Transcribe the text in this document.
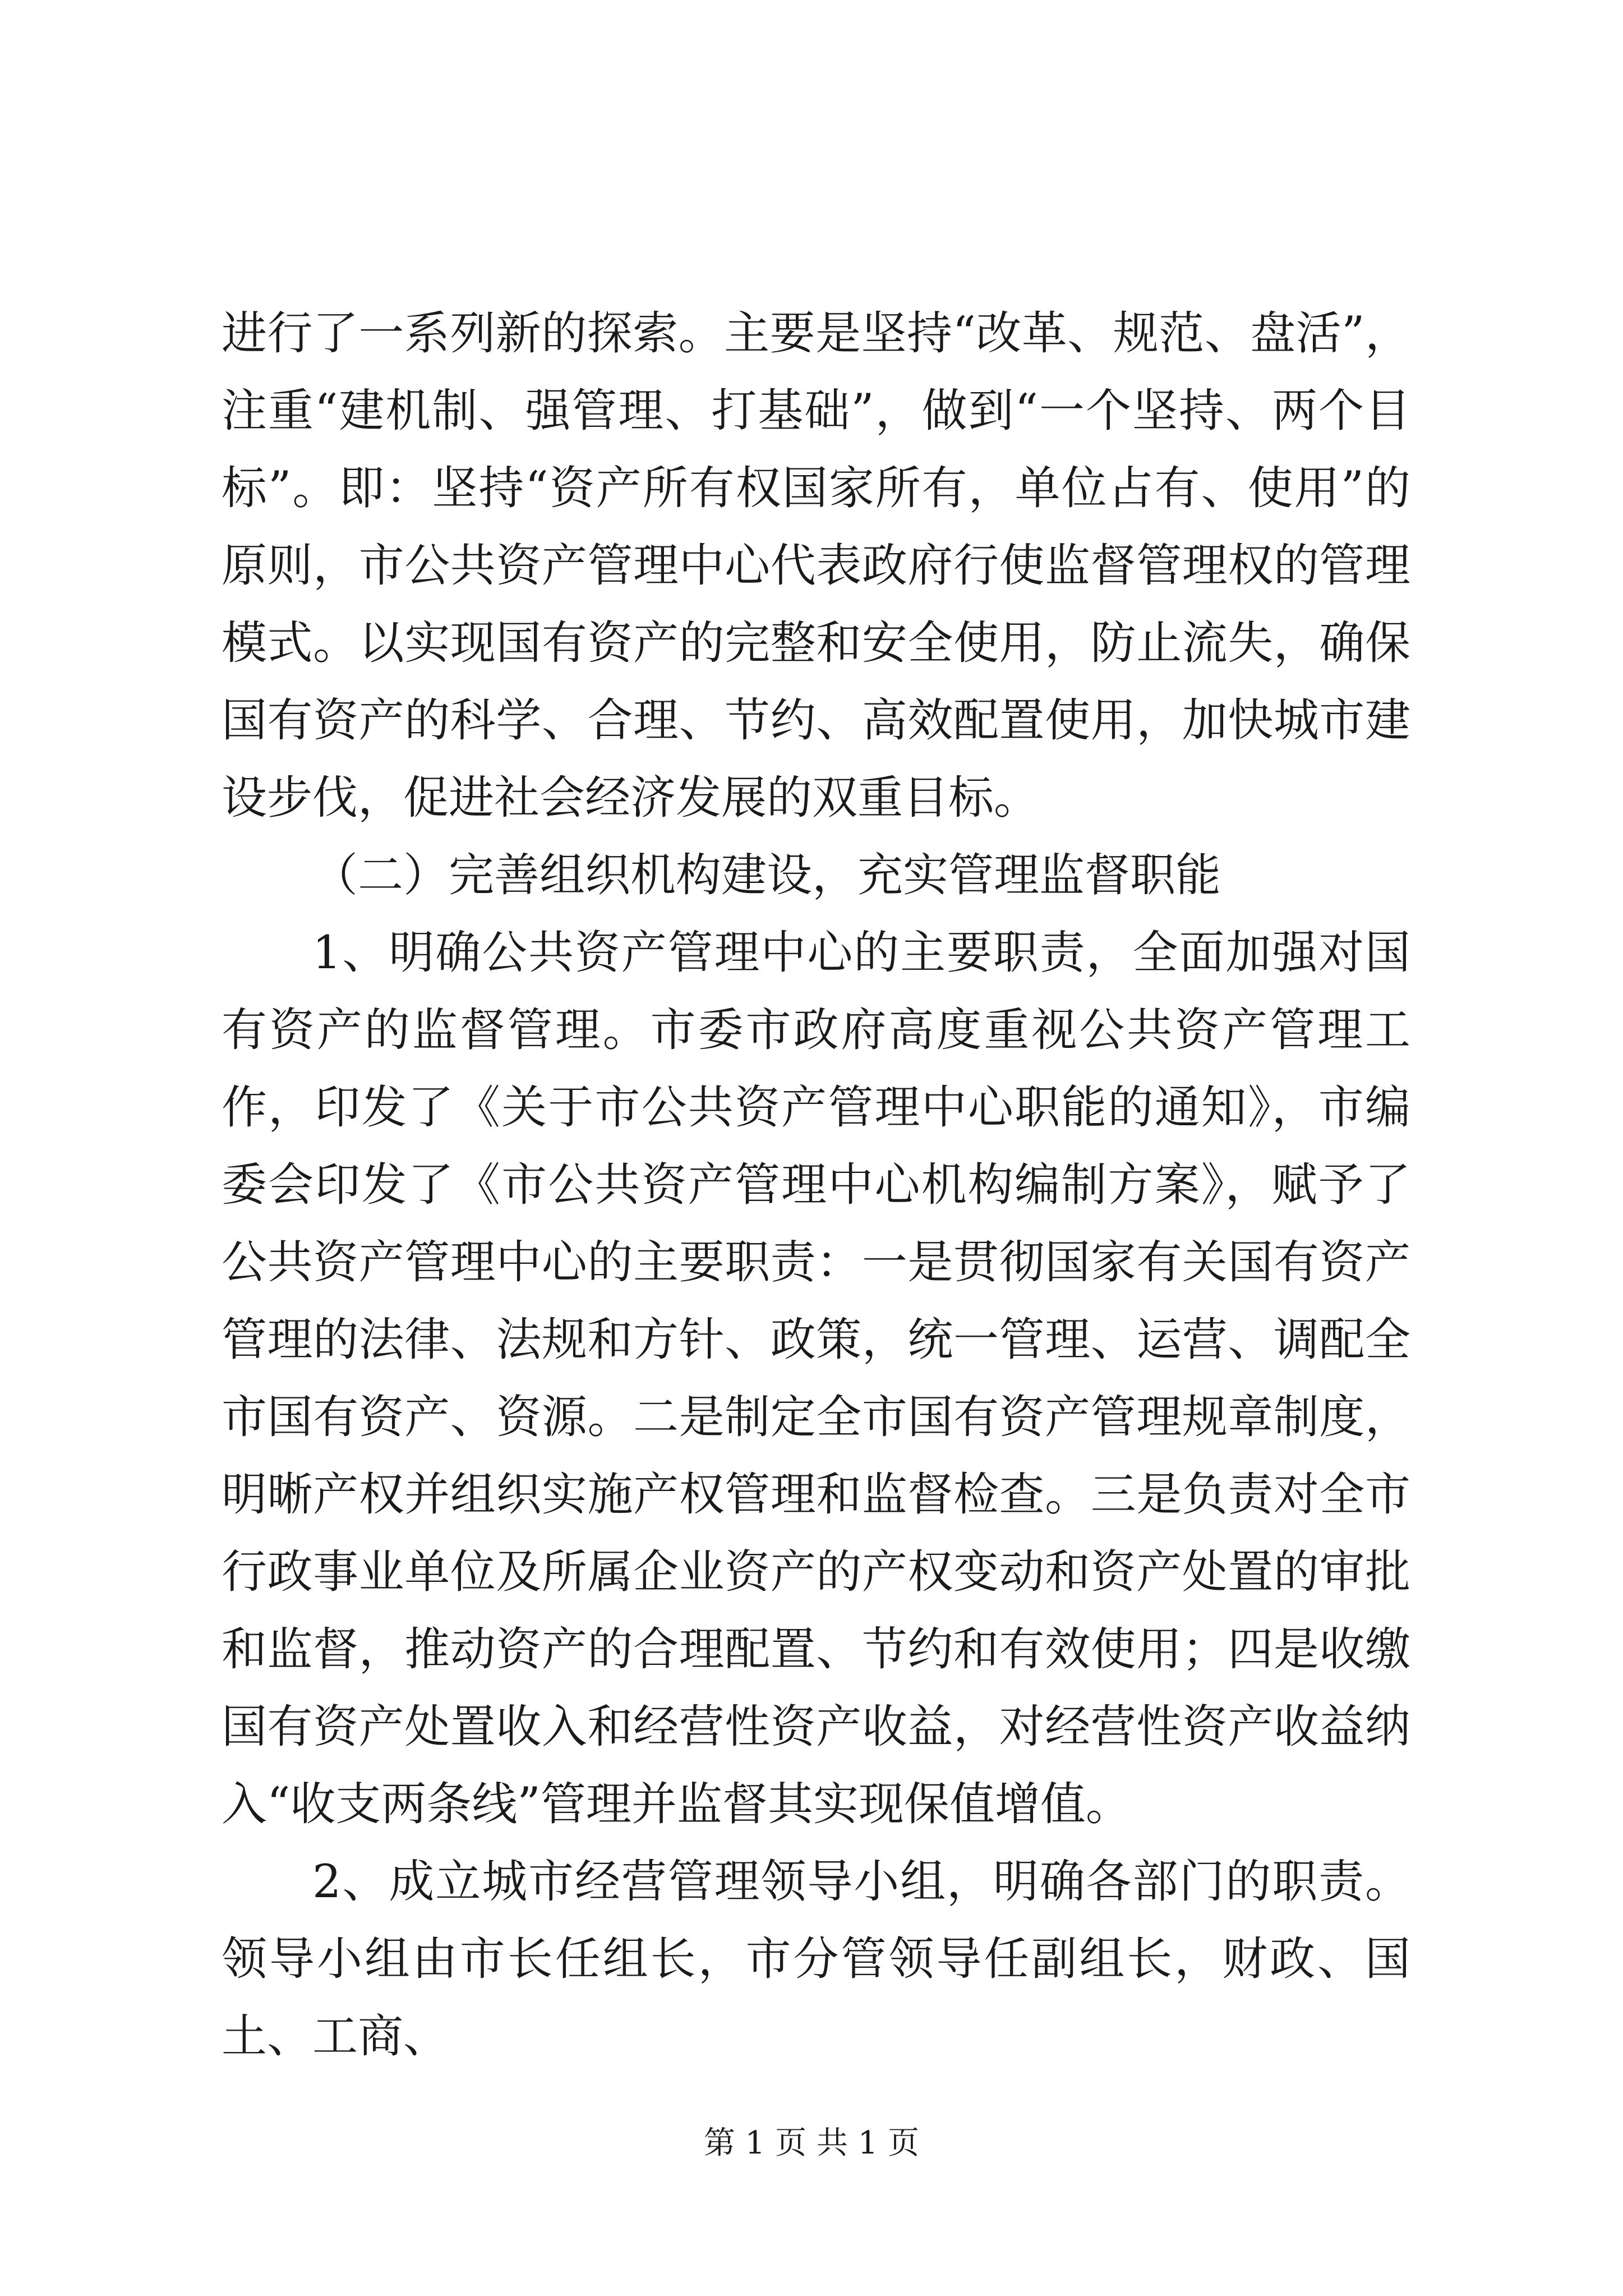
进行了一系列新的探索。主要是坚持“改革、规范、盘活”，注重“建机制、强管理、打基础”，做到“一个坚持、两个目标”。即：坚持“资产所有权国家所有，单位占有、使用”的原则，市公共资产管理中心代表政府行使监督管理权的管理模式。以实现国有资产的完整和安全使用，防止流失，确保国有资产的科学、合理、节约、高效配置使用，加快城市建设步伐，促进社会经济发展的双重目标。

（二）完善组织机构建设，充实管理监督职能

1、明确公共资产管理中心的主要职责，全面加强对国有资产的监督管理。市委市政府高度重视公共资产管理工作，印发了《关于市公共资产管理中心职能的通知》，市编委会印发了《市公共资产管理中心机构编制方案》，赋予了公共资产管理中心的主要职责：一是贯彻国家有关国有资产管理的法律、法规和方针、政策，统一管理、运营、调配全市国有资产、资源。二是制定全市国有资产管理规章制度，明晰产权并组织实施产权管理和监督检查。三是负责对全市行政事业单位及所属企业资产的产权变动和资产处置的审批和监督，推动资产的合理配置、节约和有效使用；四是收缴国有资产处置收入和经营性资产收益，对经营性资产收益纳入“收支两条线”管理并监督其实现保值增值。

2、成立城市经营管理领导小组，明确各部门的职责。领导小组由市长任组长，市分管领导任副组长，财政、国土、工商、

第 1 页 共 1 页
